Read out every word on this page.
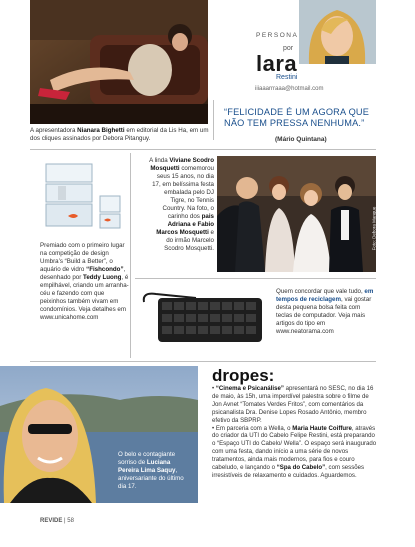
A apresentadora Nianara Bighetti em editorial da Lis Ha, em um dos cliques assinados por Debora Pitanguy.
PERSONA
por
lara
Restini
iiiaaarrraaa@hotmail.com
“FELICIDADE É UM AGORA QUE NÃO TEM PRESSA NENHUMA.”
(Mário Quintana)
Premiado com o primeiro lugar na competição de design Umbra’s “Build a Better”, o aquário de vidro “Fishcondo”, desenhado por Teddy Luong, é empilhável, criando um arranha-céu e fazendo com que peixinhos também vivam em condomínios. Veja detalhes em www.unicahome.com
A linda Viviane Scodro Mosquetti comemorou seus 15 anos, no dia 17, em belíssima festa embalada pelo DJ Tigre, no Tennis Country. Na foto, o carinho dos pais Adriana e Fabio Marcos Mosquetti e do irmão Marcelo Scodro Mosquetti.	Foto: Debora Mangue
Quem concordar que vale tudo, em tempos de reciclagem, vai gostar desta pequena bolsa feita com teclas de computador. Veja mais artigos do tipo em www.neatorama.com
O belo e contagiante sorriso de Luciana Pereira Lima Saquy, aniversariante do último dia 17.
dropes:
• “Cinema e Psicanálise” apresentará no SESC, no dia 16 de maio, às 15h, uma imperdível palestra sobre o filme de Jon Avnet “Tomates Verdes Fritos”, com comentários da psicanalista Dra. Denise Lopes Rosado Antônio, membro efetivo da SBPRP.
• Em parceria com a Wella, o Maria Haute Coiffure, através do criador da UTI do Cabelo Felipe Restini, está preparando o “Espaço UTI do Cabelo/ Wella”. O espaço será inaugurado com uma festa, dando início a uma série de novos tratamentos, ainda mais modernos, para fios e couro cabeludo, e lançando o “Spa do Cabelo”, com sessões irresistíveis de relaxamento e cuidados. Aguardemos.
REVIDE | 58
